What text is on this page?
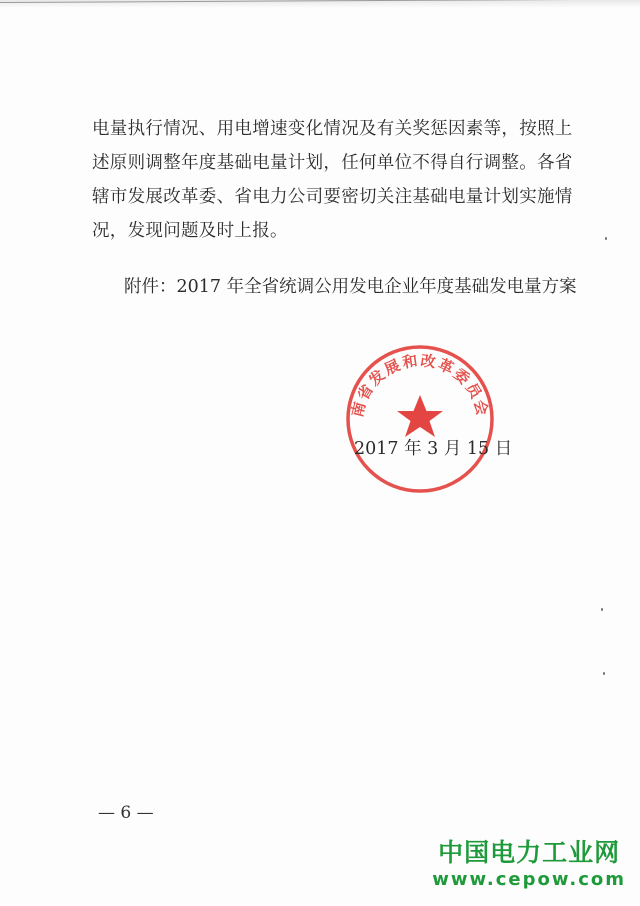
电量执行情况、用电增速变化情况及有关奖惩因素等，按照上
述原则调整年度基础电量计划，任何单位不得自行调整。各省
辖市发展改革委、省电力公司要密切关注基础电量计划实施情
况，发现问题及时上报。
附件：2017 年全省统调公用发电企业年度基础发电量方案
南省发展和改革委员会
2017 年 3 月 15 日
— 6 —
中国电力工业网
www.cepow.com
